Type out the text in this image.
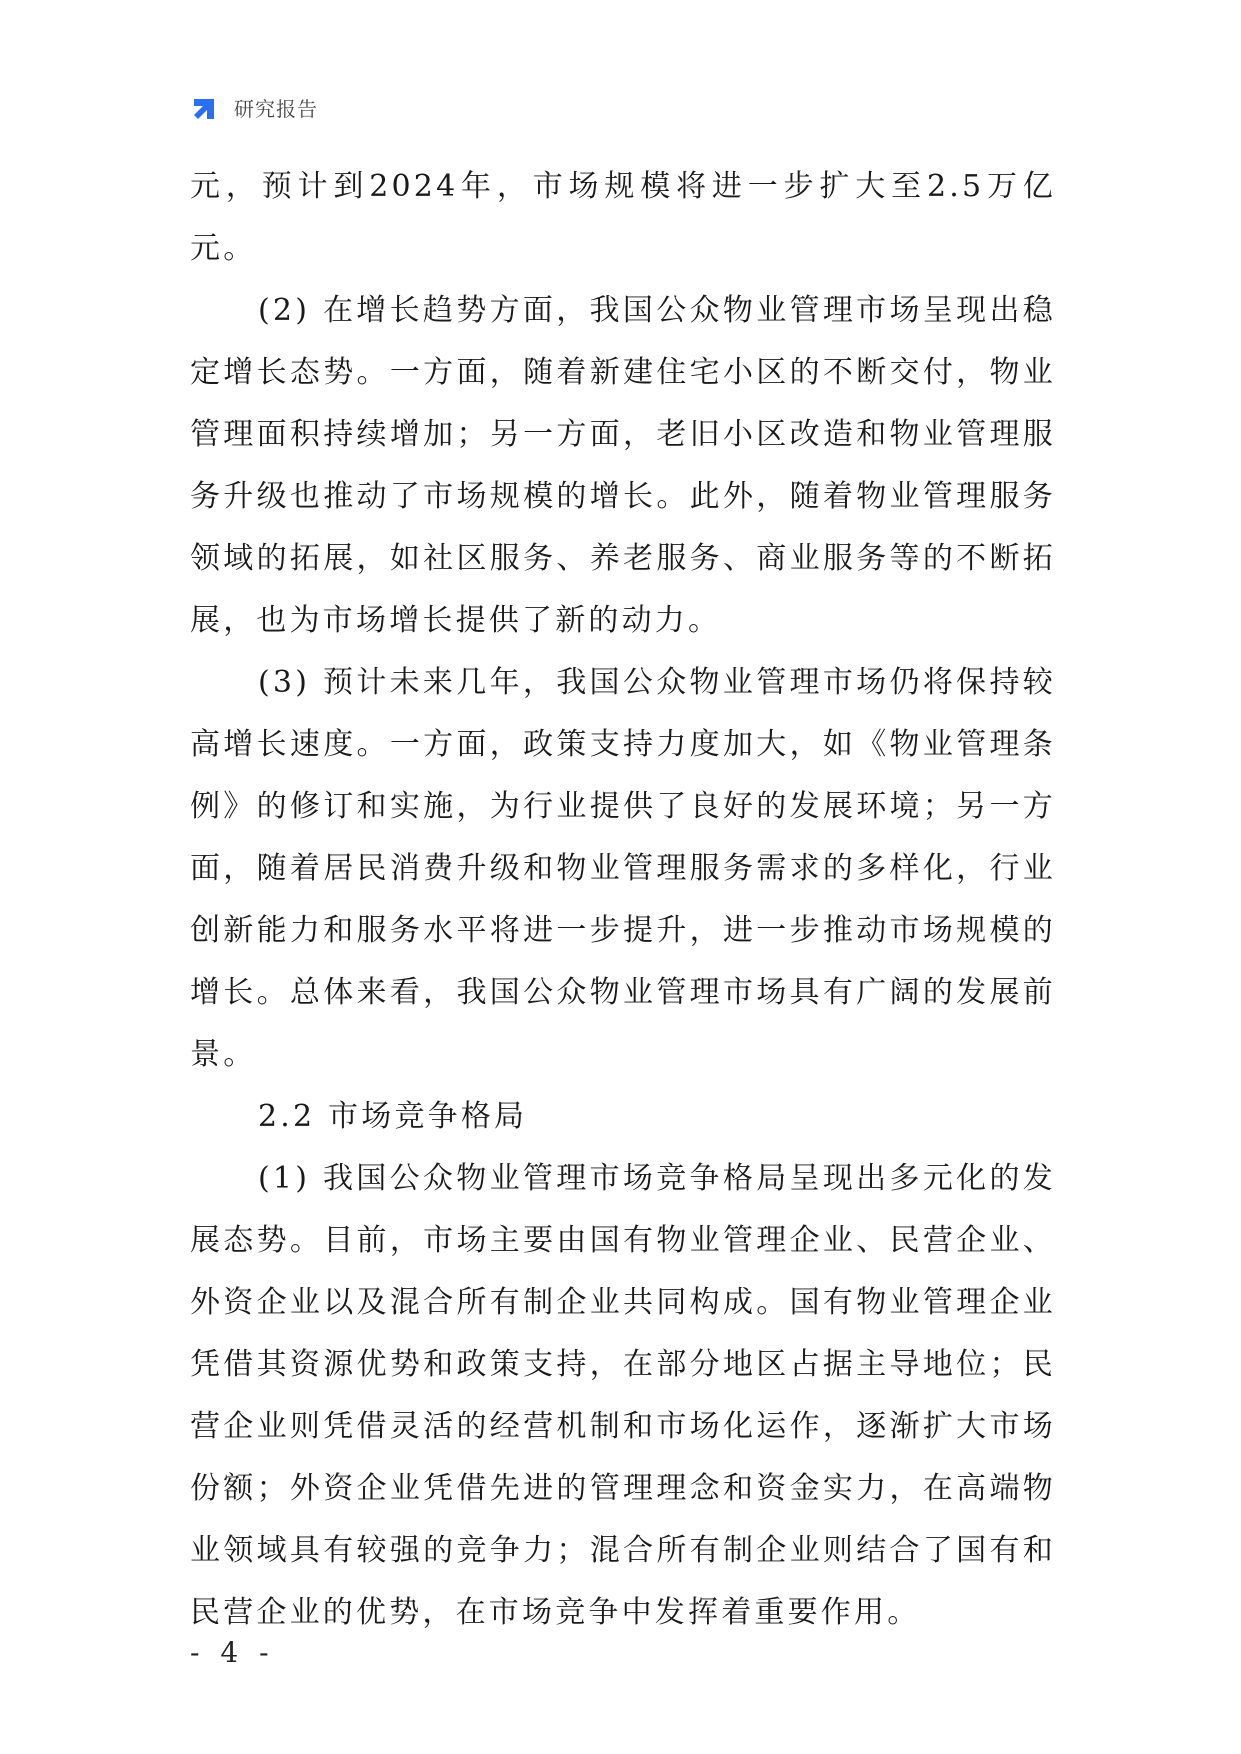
研究报告

元，预计到2024年，市场规模将进一步扩大至2.5万亿元。

(2) 在增长趋势方面，我国公众物业管理市场呈现出稳定增长态势。一方面，随着新建住宅小区的不断交付，物业管理面积持续增加；另一方面，老旧小区改造和物业管理服务升级也推动了市场规模的增长。此外，随着物业管理服务领域的拓展，如社区服务、养老服务、商业服务等的不断拓展，也为市场增长提供了新的动力。

(3) 预计未来几年，我国公众物业管理市场仍将保持较高增长速度。一方面，政策支持力度加大，如《物业管理条例》的修订和实施，为行业提供了良好的发展环境；另一方面，随着居民消费升级和物业管理服务需求的多样化，行业创新能力和服务水平将进一步提升，进一步推动市场规模的增长。总体来看，我国公众物业管理市场具有广阔的发展前景。

2.2 市场竞争格局

(1) 我国公众物业管理市场竞争格局呈现出多元化的发展态势。目前，市场主要由国有物业管理企业、民营企业、外资企业以及混合所有制企业共同构成。国有物业管理企业凭借其资源优势和政策支持，在部分地区占据主导地位；民营企业则凭借灵活的经营机制和市场化运作，逐渐扩大市场份额；外资企业凭借先进的管理理念和资金实力，在高端物业领域具有较强的竞争力；混合所有制企业则结合了国有和民营企业的优势，在市场竞争中发挥着重要作用。

- 4 -
